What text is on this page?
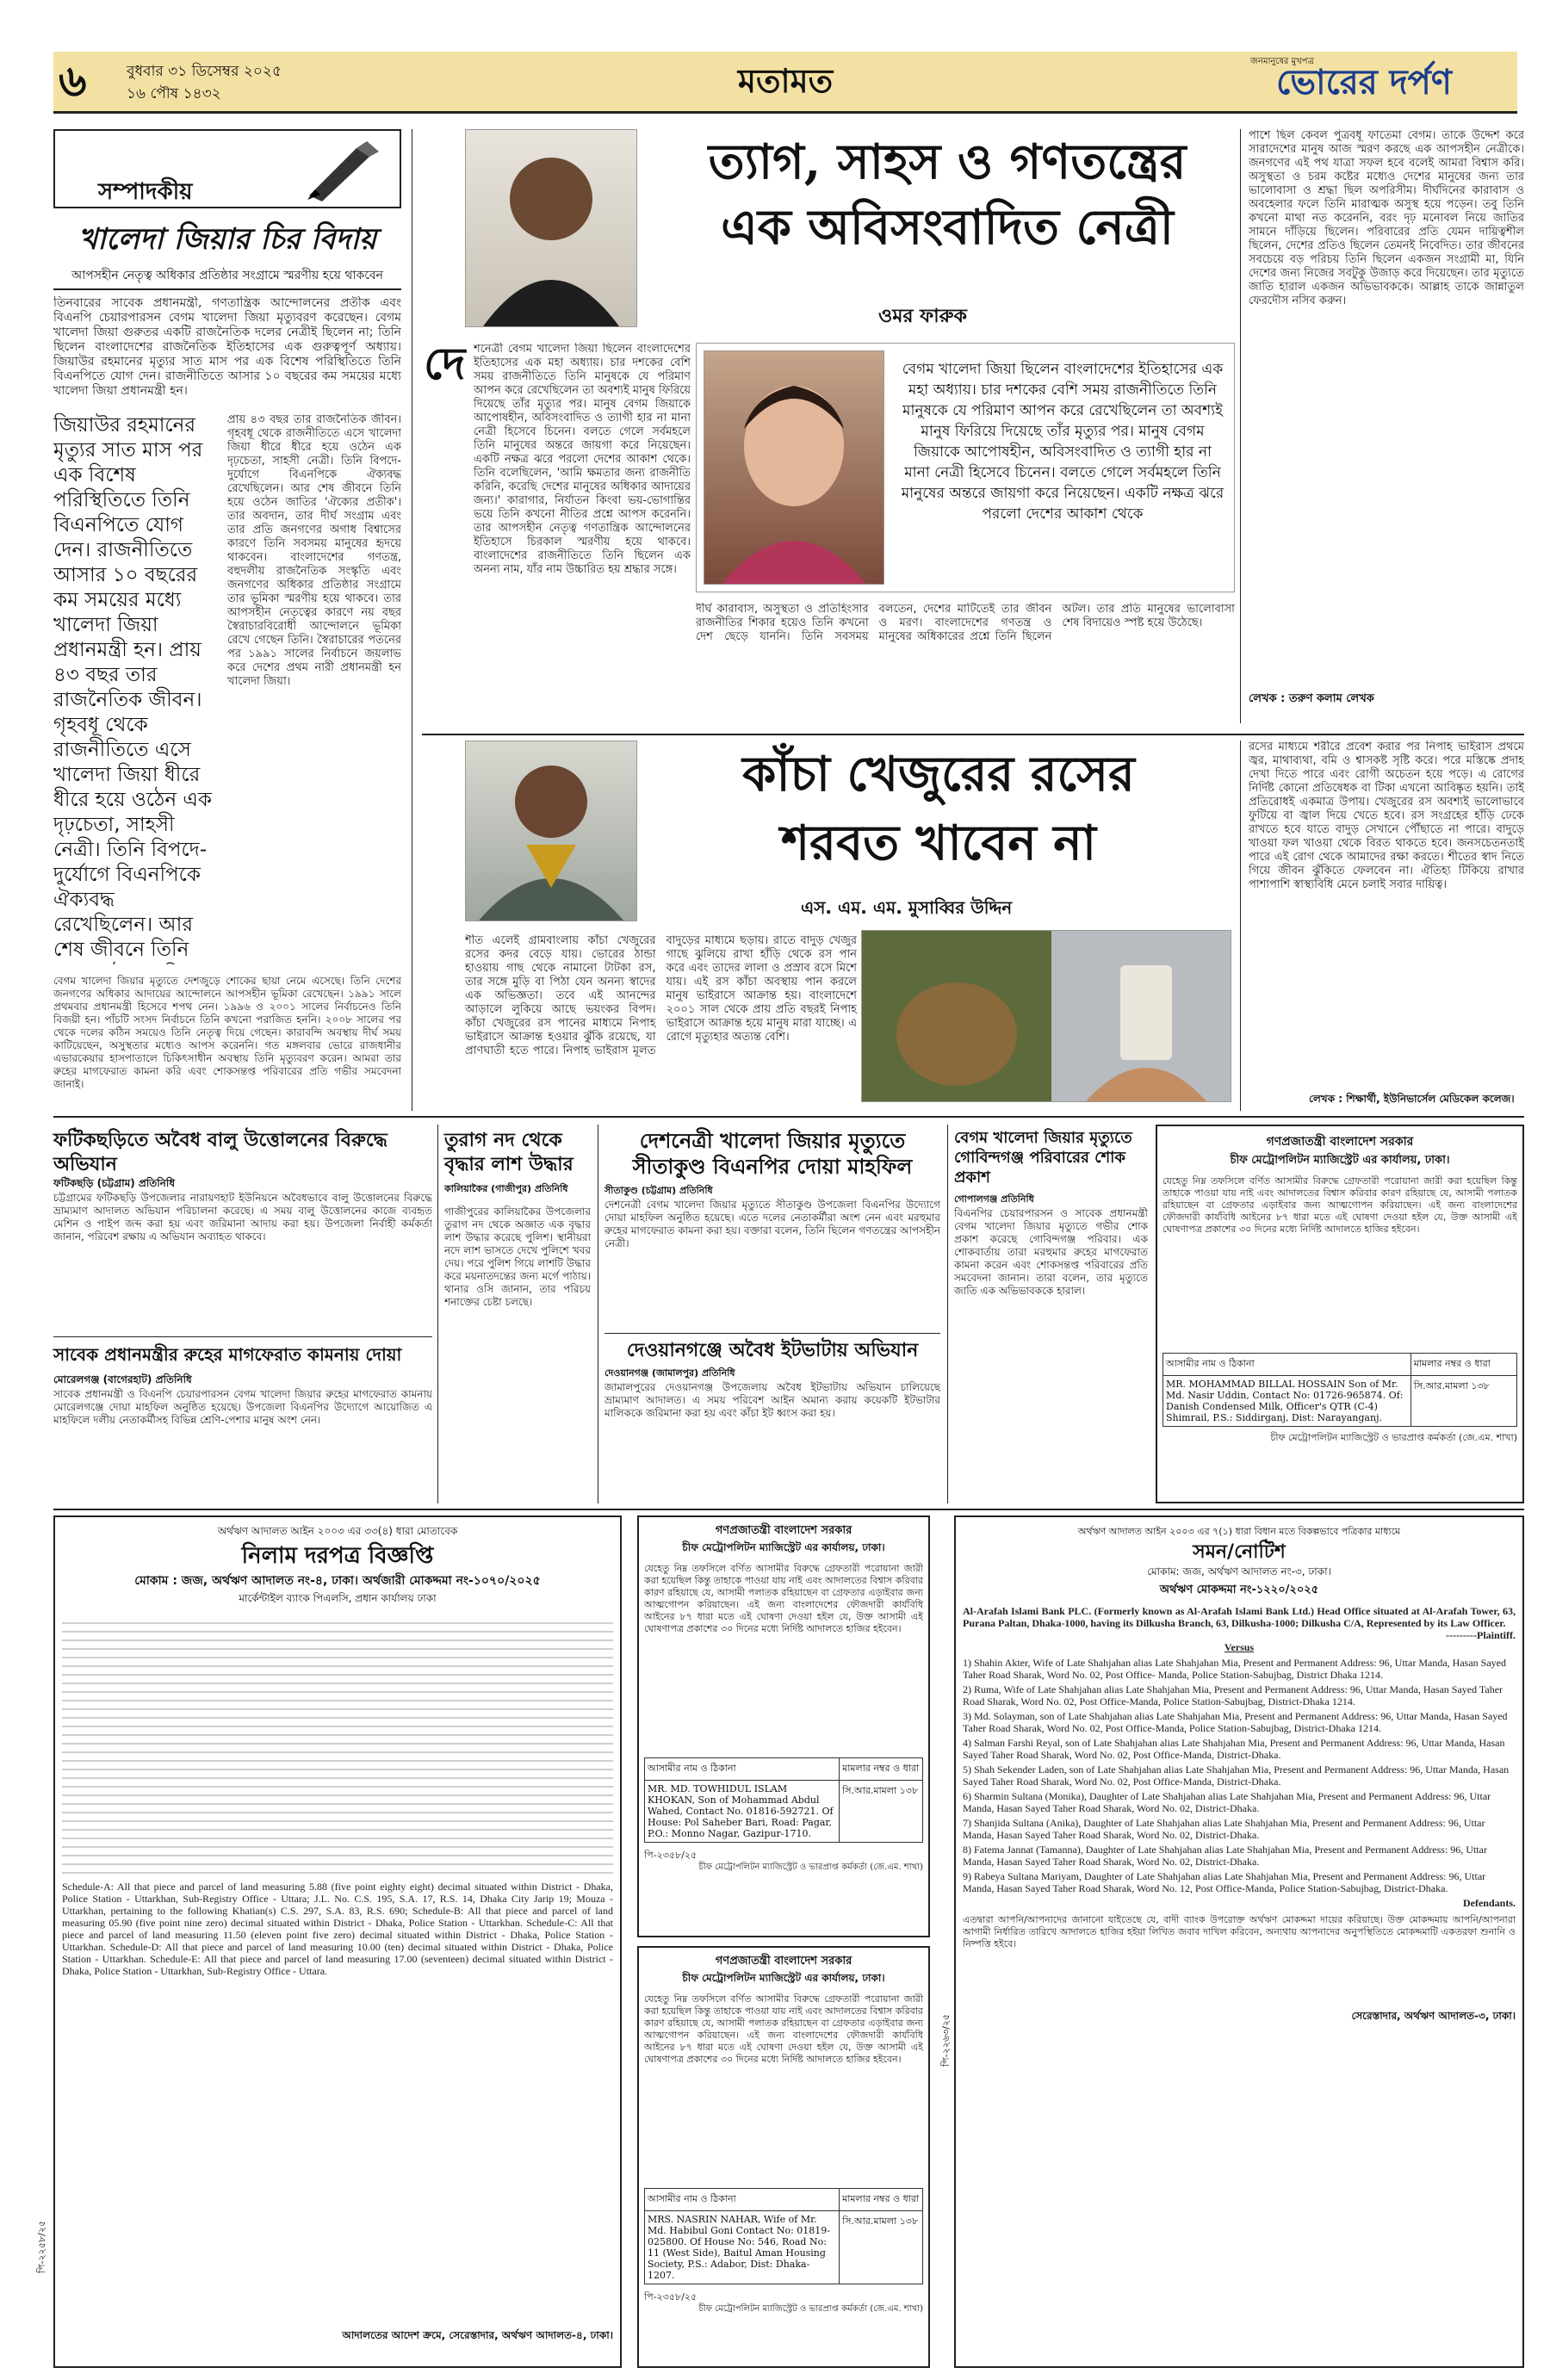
৬	বুধবার ৩১ ডিসেম্বর ২০২৫
১৬ পৌষ ১৪৩২	মতামত	জনমানুষের মুখপত্র
ভোরের দর্পণ
সম্পাদকীয়
খালেদা জিয়ার চির বিদায়
আপসহীন নেতৃত্ব অধিকার প্রতিষ্ঠার সংগ্রামে স্মরণীয় হয়ে থাকবেন
তিনবারের সাবেক প্রধানমন্ত্রী, গণতান্ত্রিক আন্দোলনের প্রতীক এবং বিএনপি চেয়ারপারসন বেগম খালেদা জিয়া মৃত্যুবরণ করেছেন। বেগম খালেদা জিয়া গুরুতর একটি রাজনৈতিক দলের নেত্রীই ছিলেন না; তিনি ছিলেন বাংলাদেশের রাজনৈতিক ইতিহাসের এক গুরুত্বপূর্ণ অধ্যায়। জিয়াউর রহমানের মৃত্যুর সাত মাস পর এক বিশেষ পরিস্থিতিতে তিনি বিএনপিতে যোগ দেন। রাজনীতিতে আসার ১০ বছরের কম সময়ের মধ্যে খালেদা জিয়া প্রধানমন্ত্রী হন।
জিয়াউর রহমানের মৃত্যুর সাত মাস পর এক বিশেষ পরিস্থিতিতে তিনি বিএনপিতে যোগ দেন। রাজনীতিতে আসার ১০ বছরের কম সময়ের মধ্যে খালেদা জিয়া প্রধানমন্ত্রী হন। প্রায় ৪৩ বছর তার রাজনৈতিক জীবন। গৃহবধূ থেকে রাজনীতিতে এসে খালেদা জিয়া ধীরে ধীরে হয়ে ওঠেন এক দৃঢ়চেতা, সাহসী নেত্রী। তিনি বিপদে-দুর্যোগে বিএনপিকে ঐক্যবদ্ধ রেখেছিলেন। আর শেষ জীবনে তিনি
প্রায় ৪৩ বছর তার রাজনৈতিক জীবন। গৃহবধূ থেকে রাজনীতিতে এসে খালেদা জিয়া ধীরে ধীরে হয়ে ওঠেন এক দৃঢ়চেতা, সাহসী নেত্রী। তিনি বিপদে-দুর্যোগে বিএনপিকে ঐক্যবদ্ধ রেখেছিলেন। আর শেষ জীবনে তিনি হয়ে ওঠেন জাতির 'ঐক্যের প্রতীক'। তার অবদান, তার দীর্ঘ সংগ্রাম এবং তার প্রতি জনগণের অগাধ বিশ্বাসের কারণে তিনি সবসময় মানুষের হৃদয়ে থাকবেন। বাংলাদেশের গণতন্ত্র, বহুদলীয় রাজনৈতিক সংস্কৃতি এবং জনগণের অধিকার প্রতিষ্ঠার সংগ্রামে তার ভূমিকা স্মরণীয় হয়ে থাকবে। তার আপসহীন নেতৃত্বের কারণে নয় বছর স্বৈরাচারবিরোধী আন্দোলনে ভূমিকা রেখে গেছেন তিনি। স্বৈরাচারের পতনের পর ১৯৯১ সালের নির্বাচনে জয়লাভ করে দেশের প্রথম নারী প্রধানমন্ত্রী হন খালেদা জিয়া।
বেগম খালেদা জিয়ার মৃত্যুতে দেশজুড়ে শোকের ছায়া নেমে এসেছে। তিনি দেশের জনগণের অধিকার আদায়ের আন্দোলনে আপসহীন ভূমিকা রেখেছেন। ১৯৯১ সালে প্রথমবার প্রধানমন্ত্রী হিসেবে শপথ নেন। ১৯৯৬ ও ২০০১ সালের নির্বাচনেও তিনি বিজয়ী হন। পাঁচটি সংসদ নির্বাচনে তিনি কখনো পরাজিত হননি। ২০০৮ সালের পর থেকে দলের কঠিন সময়েও তিনি নেতৃত্ব দিয়ে গেছেন। কারাবন্দি অবস্থায় দীর্ঘ সময় কাটিয়েছেন, অসুস্থতার মধ্যেও আপস করেননি। গত মঙ্গলবার ভোরে রাজধানীর এভারকেয়ার হাসপাতালে চিকিৎসাধীন অবস্থায় তিনি মৃত্যুবরণ করেন। আমরা তার রুহের মাগফেরাত কামনা করি এবং শোকসন্তপ্ত পরিবারের প্রতি গভীর সমবেদনা জানাই।
ত্যাগ, সাহস ও গণতন্ত্রের
এক অবিসংবাদিত নেত্রী
ওমর ফারুক
দে শনেত্রী বেগম খালেদা জিয়া ছিলেন বাংলাদেশের ইতিহাসের এক মহা অধ্যায়। চার দশকের বেশি সময় রাজনীতিতে তিনি মানুষকে যে পরিমাণ আপন করে রেখেছিলেন তা অবশ্যই মানুষ ফিরিয়ে দিয়েছে তাঁর মৃত্যুর পর। মানুষ বেগম জিয়াকে আপোষহীন, অবিসংবাদিত ও ত্যাগী হার না মানা নেত্রী হিসেবে চিনেন। বলতে গেলে সর্বমহলে তিনি মানুষের অন্তরে জায়গা করে নিয়েছেন। একটি নক্ষত্র ঝরে পরলো দেশের আকাশ থেকে। তিনি বলেছিলেন, 'আমি ক্ষমতার জন্য রাজনীতি করিনি, করেছি দেশের মানুষের অধিকার আদায়ের জন্য।' কারাগার, নির্যাতন কিংবা ভয়-ভোগান্তির ভয়ে তিনি কখনো নীতির প্রশ্নে আপস করেননি। তার আপসহীন নেতৃত্ব গণতান্ত্রিক আন্দোলনের ইতিহাসে চিরকাল স্মরণীয় হয়ে থাকবে। বাংলাদেশের রাজনীতিতে তিনি ছিলেন এক অনন্য নাম, যাঁর নাম উচ্চারিত হয় শ্রদ্ধার সঙ্গে।
বেগম খালেদা জিয়া ছিলেন বাংলাদেশের ইতিহাসের এক মহা অধ্যায়। চার দশকের বেশি সময় রাজনীতিতে তিনি মানুষকে যে পরিমাণ আপন করে রেখেছিলেন তা অবশ্যই মানুষ ফিরিয়ে দিয়েছে তাঁর মৃত্যুর পর। মানুষ বেগম জিয়াকে আপোষহীন, অবিসংবাদিত ও ত্যাগী হার না মানা নেত্রী হিসেবে চিনেন। বলতে গেলে সর্বমহলে তিনি মানুষের অন্তরে জায়গা করে নিয়েছেন। একটি নক্ষত্র ঝরে পরলো দেশের আকাশ থেকে
দীর্ঘ কারাবাস, অসুস্থতা ও প্রতিহিংসার রাজনীতির শিকার হয়েও তিনি কখনো দেশ ছেড়ে যাননি। তিনি সবসময় বলতেন, দেশের মাটিতেই তার জীবন ও মরণ। বাংলাদেশের গণতন্ত্র ও মানুষের অধিকারের প্রশ্নে তিনি ছিলেন অটল। তার প্রতি মানুষের ভালোবাসা শেষ বিদায়েও স্পষ্ট হয়ে উঠেছে।
পাশে ছিল কেবল পুত্রবধূ ফাতেমা বেগম। তাকে উদ্দেশ করে সারাদেশের মানুষ আজ স্মরণ করছে এক আপসহীন নেত্রীকে। জনগণের এই পথ যাত্রা সফল হবে বলেই আমরা বিশ্বাস করি। অসুস্থতা ও চরম কষ্টের মধ্যেও দেশের মানুষের জন্য তার ভালোবাসা ও শ্রদ্ধা ছিল অপরিসীম। দীর্ঘদিনের কারাবাস ও অবহেলার ফলে তিনি মারাত্মক অসুস্থ হয়ে পড়েন। তবু তিনি কখনো মাথা নত করেননি, বরং দৃঢ় মনোবল নিয়ে জাতির সামনে দাঁড়িয়ে ছিলেন। পরিবারের প্রতি যেমন দায়িত্বশীল ছিলেন, দেশের প্রতিও ছিলেন তেমনই নিবেদিত। তার জীবনের সবচেয়ে বড় পরিচয় তিনি ছিলেন একজন সংগ্রামী মা, যিনি দেশের জন্য নিজের সবটুকু উজাড় করে দিয়েছেন। তার মৃত্যুতে জাতি হারাল একজন অভিভাবককে। আল্লাহ তাকে জান্নাতুল ফেরদৌস নসিব করুন।
লেখক : তরুণ কলাম লেখক
কাঁচা খেজুরের রসের
শরবত খাবেন না
এস. এম. এম. মুসাব্বির উদ্দিন
শীত এলেই গ্রামবাংলায় কাঁচা খেজুরের রসের কদর বেড়ে যায়। ভোরের ঠান্ডা হাওয়ায় গাছ থেকে নামানো টাটকা রস, তার সঙ্গে মুড়ি বা পিঠা যেন অনন্য স্বাদের এক অভিজ্ঞতা। তবে এই আনন্দের আড়ালে লুকিয়ে আছে ভয়ংকর বিপদ। কাঁচা খেজুরের রস পানের মাধ্যমে নিপাহ ভাইরাসে আক্রান্ত হওয়ার ঝুঁকি রয়েছে, যা প্রাণঘাতী হতে পারে। নিপাহ ভাইরাস মূলত বাদুড়ের মাধ্যমে ছড়ায়। রাতে বাদুড় খেজুর গাছে ঝুলিয়ে রাখা হাঁড়ি থেকে রস পান করে এবং তাদের লালা ও প্রস্রাব রসে মিশে যায়। এই রস কাঁচা অবস্থায় পান করলে মানুষ ভাইরাসে আক্রান্ত হয়। বাংলাদেশে ২০০১ সাল থেকে প্রায় প্রতি বছরই নিপাহ ভাইরাসে আক্রান্ত হয়ে মানুষ মারা যাচ্ছে। এ রোগে মৃত্যুহার অত্যন্ত বেশি।
রসের মাধ্যমে শরীরে প্রবেশ করার পর নিপাহ ভাইরাস প্রথমে জ্বর, মাথাব্যথা, বমি ও শ্বাসকষ্ট সৃষ্টি করে। পরে মস্তিষ্কে প্রদাহ দেখা দিতে পারে এবং রোগী অচেতন হয়ে পড়ে। এ রোগের নির্দিষ্ট কোনো প্রতিষেধক বা টিকা এখনো আবিষ্কৃত হয়নি। তাই প্রতিরোধই একমাত্র উপায়। খেজুরের রস অবশ্যই ভালোভাবে ফুটিয়ে বা জ্বাল দিয়ে খেতে হবে। রস সংগ্রহের হাঁড়ি ঢেকে রাখতে হবে যাতে বাদুড় সেখানে পৌঁছাতে না পারে। বাদুড়ে খাওয়া ফল খাওয়া থেকে বিরত থাকতে হবে। জনসচেতনতাই পারে এই রোগ থেকে আমাদের রক্ষা করতে। শীতের স্বাদ নিতে গিয়ে জীবন ঝুঁকিতে ফেলবেন না। ঐতিহ্য টিকিয়ে রাখার পাশাপাশি স্বাস্থ্যবিধি মেনে চলাই সবার দায়িত্ব।
লেখক : শিক্ষার্থী, ইউনিভার্সেল মেডিকেল কলেজ।
ফটিকছড়িতে অবৈধ বালু উত্তোলনের বিরুদ্ধে অভিযান
ফটিকছড়ি (চট্টগ্রাম) প্রতিনিধি
চট্টগ্রামের ফটিকছড়ি উপজেলার নারায়ণহাট ইউনিয়নে অবৈধভাবে বালু উত্তোলনের বিরুদ্ধে ভ্রাম্যমাণ আদালত অভিযান পরিচালনা করেছে। এ সময় বালু উত্তোলনের কাজে ব্যবহৃত মেশিন ও পাইপ জব্দ করা হয় এবং জরিমানা আদায় করা হয়। উপজেলা নির্বাহী কর্মকর্তা জানান, পরিবেশ রক্ষায় এ অভিযান অব্যাহত থাকবে।
সাবেক প্রধানমন্ত্রীর রুহের মাগফেরাত কামনায় দোয়া
মোরেলগঞ্জ (বাগেরহাট) প্রতিনিধি
সাবেক প্রধানমন্ত্রী ও বিএনপি চেয়ারপারসন বেগম খালেদা জিয়ার রুহের মাগফেরাত কামনায় মোরেলগঞ্জে দোয়া মাহফিল অনুষ্ঠিত হয়েছে। উপজেলা বিএনপির উদ্যোগে আয়োজিত এ মাহফিলে দলীয় নেতাকর্মীসহ বিভিন্ন শ্রেণি-পেশার মানুষ অংশ নেন।
তুরাগ নদ থেকে বৃদ্ধার লাশ উদ্ধার
কালিয়াকৈর (গাজীপুর) প্রতিনিধি
গাজীপুরের কালিয়াকৈর উপজেলার তুরাগ নদ থেকে অজ্ঞাত এক বৃদ্ধার লাশ উদ্ধার করেছে পুলিশ। স্থানীয়রা নদে লাশ ভাসতে দেখে পুলিশে খবর দেয়। পরে পুলিশ গিয়ে লাশটি উদ্ধার করে ময়নাতদন্তের জন্য মর্গে পাঠায়। থানার ওসি জানান, তার পরিচয় শনাক্তের চেষ্টা চলছে।
দেশনেত্রী খালেদা জিয়ার মৃত্যুতে সীতাকুণ্ড বিএনপির দোয়া মাহফিল
সীতাকুণ্ড (চট্টগ্রাম) প্রতিনিধি
দেশনেত্রী বেগম খালেদা জিয়ার মৃত্যুতে সীতাকুণ্ড উপজেলা বিএনপির উদ্যোগে দোয়া মাহফিল অনুষ্ঠিত হয়েছে। এতে দলের নেতাকর্মীরা অংশ নেন এবং মরহুমার রুহের মাগফেরাত কামনা করা হয়। বক্তারা বলেন, তিনি ছিলেন গণতন্ত্রের আপসহীন নেত্রী।
দেওয়ানগঞ্জে অবৈধ ইটভাটায় অভিযান
দেওয়ানগঞ্জ (জামালপুর) প্রতিনিধি
জামালপুরের দেওয়ানগঞ্জ উপজেলায় অবৈধ ইটভাটায় অভিযান চালিয়েছে ভ্রাম্যমাণ আদালত। এ সময় পরিবেশ আইন অমান্য করায় কয়েকটি ইটভাটার মালিককে জরিমানা করা হয় এবং কাঁচা ইট ধ্বংস করা হয়।
বেগম খালেদা জিয়ার মৃত্যুতে গোবিন্দগঞ্জ পরিবারের শোক প্রকাশ
গোপালগঞ্জ প্রতিনিধি
বিএনপির চেয়ারপারসন ও সাবেক প্রধানমন্ত্রী বেগম খালেদা জিয়ার মৃত্যুতে গভীর শোক প্রকাশ করেছে গোবিন্দগঞ্জ পরিবার। এক শোকবার্তায় তারা মরহুমার রুহের মাগফেরাত কামনা করেন এবং শোকসন্তপ্ত পরিবারের প্রতি সমবেদনা জানান। তারা বলেন, তার মৃত্যুতে জাতি এক অভিভাবককে হারাল।
গণপ্রজাতন্ত্রী বাংলাদেশ সরকার
চীফ মেট্রোপলিটন ম্যাজিস্ট্রেট এর কার্যালয়, ঢাকা।
যেহেতু নিম্ন তফসিলে বর্ণিত আসামীর বিরুদ্ধে গ্রেফতারী পরোয়ানা জারী করা হয়েছিল কিন্তু তাহাকে পাওয়া যায় নাই এবং আদালতের বিশ্বাস করিবার কারণ রহিয়াছে যে, আসামী পলাতক রহিয়াছেন বা গ্রেফতার এড়াইবার জন্য আত্মগোপন করিয়াছেন। এই জন্য বাংলাদেশের ফৌজদারী কার্যবিধি আইনের ৮৭ ধারা মতে এই ঘোষণা দেওয়া হইল যে, উক্ত আসামী এই ঘোষণাপত্র প্রকাশের ৩০ দিনের মধ্যে নির্দিষ্ট আদালতে হাজির হইবেন।
আসামীর নাম ও ঠিকানা	মামলার নম্বর ও ধারা
MR. MOHAMMAD BILLAL HOSSAIN Son of Mr. Md. Nasir Uddin, Contact No: 01726-965874. Of: Danish Condensed Milk, Officer's QTR (C-4) Shimrail, P.S.: Siddirganj, Dist: Narayanganj.	সি.আর.মামলা ১৩৮
চীফ মেট্রোপলিটন ম্যাজিস্ট্রেট ও ভারপ্রাপ্ত কর্মকর্তা (জে.এম. শাখা)
অর্থঋণ আদালত আইন ২০০৩ এর ৩৩(৪) ধারা মোতাবেক
নিলাম দরপত্র বিজ্ঞপ্তি
মোকাম : জজ, অর্থঋণ আদালত নং-৪, ঢাকা। অর্থজারী মোকদ্দমা নং-১০৭০/২০২৫
মার্কেন্টাইল ব্যাংক পিএলসি, প্রধান কার্যালয় ঢাকা
Schedule-A: All that piece and parcel of land measuring 5.88 (five point eighty eight) decimal situated within District - Dhaka, Police Station - Uttarkhan, Sub-Registry Office - Uttara; J.L. No. C.S. 195, S.A. 17, R.S. 14, Dhaka City Jarip 19; Mouza - Uttarkhan, pertaining to the following Khatian(s) C.S. 297, S.A. 83, R.S. 690; Schedule-B: All that piece and parcel of land measuring 05.90 (five point nine zero) decimal situated within District - Dhaka, Police Station - Uttarkhan. Schedule-C: All that piece and parcel of land measuring 11.50 (eleven point five zero) decimal situated within District - Dhaka, Police Station - Uttarkhan. Schedule-D: All that piece and parcel of land measuring 10.00 (ten) decimal situated within District - Dhaka, Police Station - Uttarkhan. Schedule-E: All that piece and parcel of land measuring 17.00 (seventeen) decimal situated within District - Dhaka, Police Station - Uttarkhan, Sub-Registry Office - Uttara.
আদালতের আদেশ ক্রমে, সেরেস্তাদার, অর্থঋণ আদালত-৪, ঢাকা।
পি-২২৫৮/২৫
গণপ্রজাতন্ত্রী বাংলাদেশ সরকার
চীফ মেট্রোপলিটন ম্যাজিস্ট্রেট এর কার্যালয়, ঢাকা।
যেহেতু নিম্ন তফসিলে বর্ণিত আসামীর বিরুদ্ধে গ্রেফতারী পরোয়ানা জারী করা হয়েছিল কিন্তু তাহাকে পাওয়া যায় নাই এবং আদালতের বিশ্বাস করিবার কারণ রহিয়াছে যে, আসামী পলাতক রহিয়াছেন বা গ্রেফতার এড়াইবার জন্য আত্মগোপন করিয়াছেন। এই জন্য বাংলাদেশের ফৌজদারী কার্যবিধি আইনের ৮৭ ধারা মতে এই ঘোষণা দেওয়া হইল যে, উক্ত আসামী এই ঘোষণাপত্র প্রকাশের ৩০ দিনের মধ্যে নির্দিষ্ট আদালতে হাজির হইবেন।
আসামীর নাম ও ঠিকানা	মামলার নম্বর ও ধারা
MR. MD. TOWHIDUL ISLAM KHOKAN, Son of Mohammad Abdul Wahed, Contact No. 01816-592721. Of House: Pol Saheber Bari, Road: Pagar, P.O.: Monno Nagar, Gazipur-1710.	সি.আর.মামলা ১৩৮
পি-২৩৫৮/২৫
চীফ মেট্রোপলিটন ম্যাজিস্ট্রেট ও ভারপ্রাপ্ত কর্মকর্তা (জে.এম. শাখা)
গণপ্রজাতন্ত্রী বাংলাদেশ সরকার
চীফ মেট্রোপলিটন ম্যাজিস্ট্রেট এর কার্যালয়, ঢাকা।
যেহেতু নিম্ন তফসিলে বর্ণিত আসামীর বিরুদ্ধে গ্রেফতারী পরোয়ানা জারী করা হয়েছিল কিন্তু তাহাকে পাওয়া যায় নাই এবং আদালতের বিশ্বাস করিবার কারণ রহিয়াছে যে, আসামী পলাতক রহিয়াছেন বা গ্রেফতার এড়াইবার জন্য আত্মগোপন করিয়াছেন। এই জন্য বাংলাদেশের ফৌজদারী কার্যবিধি আইনের ৮৭ ধারা মতে এই ঘোষণা দেওয়া হইল যে, উক্ত আসামী এই ঘোষণাপত্র প্রকাশের ৩০ দিনের মধ্যে নির্দিষ্ট আদালতে হাজির হইবেন।
আসামীর নাম ও ঠিকানা	মামলার নম্বর ও ধারা
MRS. NASRIN NAHAR, Wife of Mr. Md. Habibul Goni Contact No: 01819-025800. Of House No: 546, Road No: 11 (West Side), Baitul Aman Housing Society, P.S.: Adabor, Dist: Dhaka-1207.	সি.আর.মামলা ১৩৮
পি-২৩৫৮/২৫
চীফ মেট্রোপলিটন ম্যাজিস্ট্রেট ও ভারপ্রাপ্ত কর্মকর্তা (জে.এম. শাখা)
পি-২২৬৩/২৫
অর্থঋণ আদালত আইন ২০০৩ এর ৭(১) ধারা বিধান মতে বিকল্পভাবে পত্রিকার মাধ্যমে
সমন/নোটিশ
মোকাম: জজ, অর্থঋণ আদালত নং-৩, ঢাকা।
অর্থঋণ মোকদ্দমা নং-১২২০/২০২৫
Al-Arafah Islami Bank PLC. (Formerly known as Al-Arafah Islami Bank Ltd.) Head Office situated at Al-Arafah Tower, 63, Purana Paltan, Dhaka-1000, having its Dilkusha Branch, 63, Dilkusha-1000; Dilkusha C/A, Represented by its Law Officer.
---------Plaintiff.
Versus
1) Shahin Akter, Wife of Late Shahjahan alias Late Shahjahan Mia, Present and Permanent Address: 96, Uttar Manda, Hasan Sayed Taher Road Sharak, Word No. 02, Post Office- Manda, Police Station-Sabujbag, District Dhaka 1214.
2) Ruma, Wife of Late Shahjahan alias Late Shahjahan Mia, Present and Permanent Address: 96, Uttar Manda, Hasan Sayed Taher Road Sharak, Word No. 02, Post Office-Manda, Police Station-Sabujbag, District-Dhaka 1214.
3) Md. Solayman, son of Late Shahjahan alias Late Shahjahan Mia, Present and Permanent Address: 96, Uttar Manda, Hasan Sayed Taher Road Sharak, Word No. 02, Post Office-Manda, Police Station-Sabujbag, District-Dhaka 1214.
4) Salman Farshi Reyal, son of Late Shahjahan alias Late Shahjahan Mia, Present and Permanent Address: 96, Uttar Manda, Hasan Sayed Taher Road Sharak, Word No. 02, Post Office-Manda, District-Dhaka.
5) Shah Sekender Laden, son of Late Shahjahan alias Late Shahjahan Mia, Present and Permanent Address: 96, Uttar Manda, Hasan Sayed Taher Road Sharak, Word No. 02, Post Office-Manda, District-Dhaka.
6) Sharmin Sultana (Monika), Daughter of Late Shahjahan alias Late Shahjahan Mia, Present and Permanent Address: 96, Uttar Manda, Hasan Sayed Taher Road Sharak, Word No. 02, District-Dhaka.
7) Shanjida Sultana (Anika), Daughter of Late Shahjahan alias Late Shahjahan Mia, Present and Permanent Address: 96, Uttar Manda, Hasan Sayed Taher Road Sharak, Word No. 02, District-Dhaka.
8) Fatema Jannat (Tamanna), Daughter of Late Shahjahan alias Late Shahjahan Mia, Present and Permanent Address: 96, Uttar Manda, Hasan Sayed Taher Road Sharak, Word No. 02, District-Dhaka.
9) Rabeya Sultana Mariyam, Daughter of Late Shahjahan alias Late Shahjahan Mia, Present and Permanent Address: 96, Uttar Manda, Hasan Sayed Taher Road Sharak, Word No. 12, Post Office-Manda, Police Station-Sabujbag, District-Dhaka.
Defendants.
এতদ্বারা আপনি/আপনাদের জানানো যাইতেছে যে, বাদী ব্যাংক উপরোক্ত অর্থঋণ মোকদ্দমা দায়ের করিয়াছে। উক্ত মোকদ্দমায় আপনি/আপনারা আগামী নির্ধারিত তারিখে আদালতে হাজির হইয়া লিখিত জবাব দাখিল করিবেন, অন্যথায় আপনাদের অনুপস্থিতিতে মোকদ্দমাটি একতরফা শুনানি ও নিষ্পত্তি হইবে।
সেরেস্তাদার, অর্থঋণ আদালত-৩, ঢাকা।
